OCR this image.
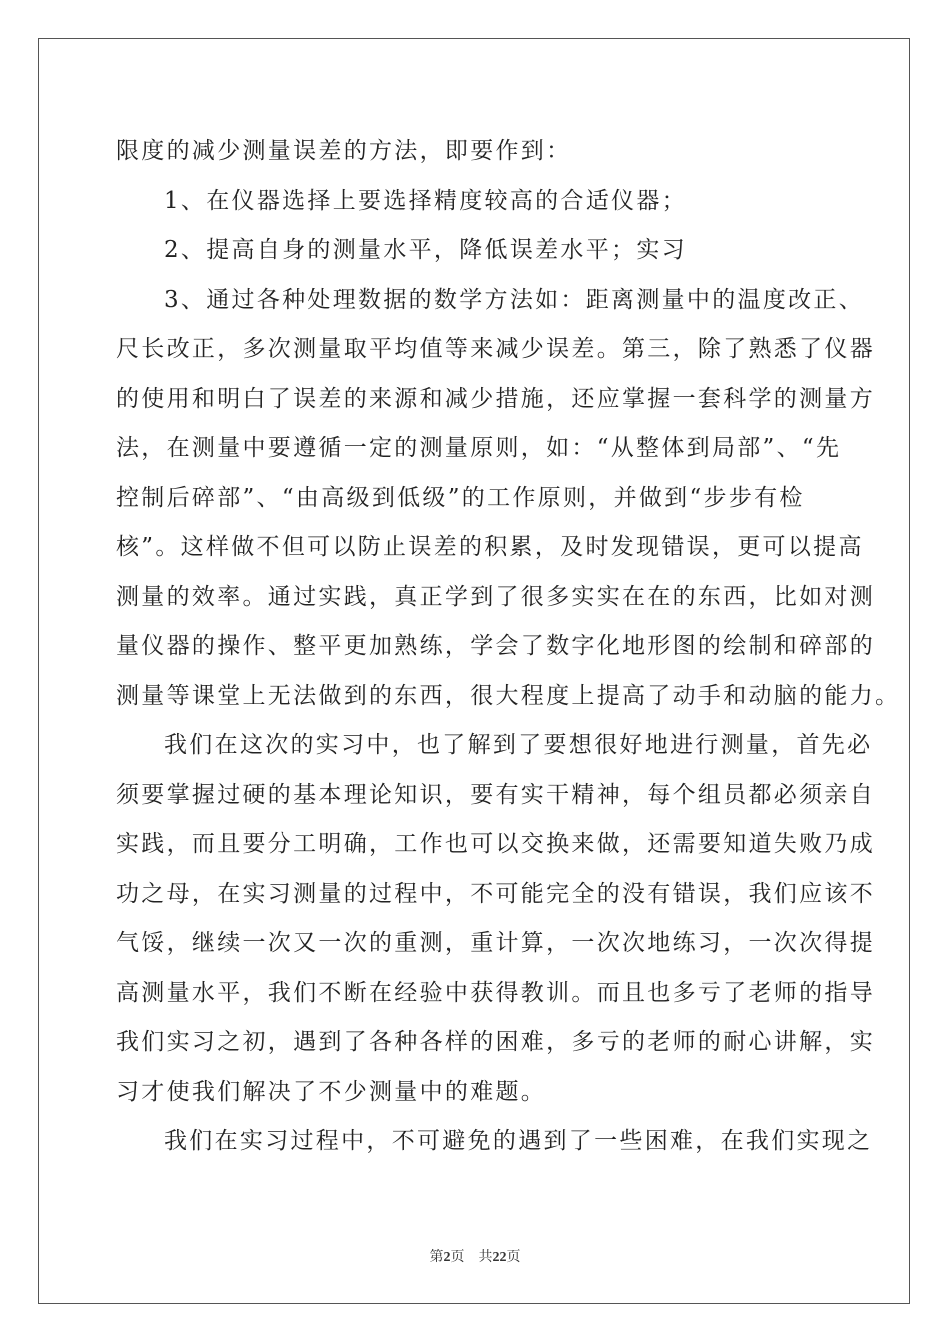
限度的减少测量误差的方法，即要作到：
1、在仪器选择上要选择精度较高的合适仪器；
2、提高自身的测量水平，降低误差水平；实习
3、通过各种处理数据的数学方法如：距离测量中的温度改正、
尺长改正，多次测量取平均值等来减少误差。第三，除了熟悉了仪器
的使用和明白了误差的来源和减少措施，还应掌握一套科学的测量方
法，在测量中要遵循一定的测量原则，如：“从整体到局部”、“先
控制后碎部”、“由高级到低级”的工作原则，并做到“步步有检
核”。这样做不但可以防止误差的积累，及时发现错误，更可以提高
测量的效率。通过实践，真正学到了很多实实在在的东西，比如对测
量仪器的操作、整平更加熟练，学会了数字化地形图的绘制和碎部的
测量等课堂上无法做到的东西，很大程度上提高了动手和动脑的能力。
我们在这次的实习中，也了解到了要想很好地进行测量，首先必
须要掌握过硬的基本理论知识，要有实干精神，每个组员都必须亲自
实践，而且要分工明确，工作也可以交换来做，还需要知道失败乃成
功之母，在实习测量的过程中，不可能完全的没有错误，我们应该不
气馁，继续一次又一次的重测，重计算，一次次地练习，一次次得提
高测量水平，我们不断在经验中获得教训。而且也多亏了老师的指导
我们实习之初，遇到了各种各样的困难，多亏的老师的耐心讲解，实
习才使我们解决了不少测量中的难题。
我们在实习过程中，不可避免的遇到了一些困难，在我们实现之
第2页 共22页
